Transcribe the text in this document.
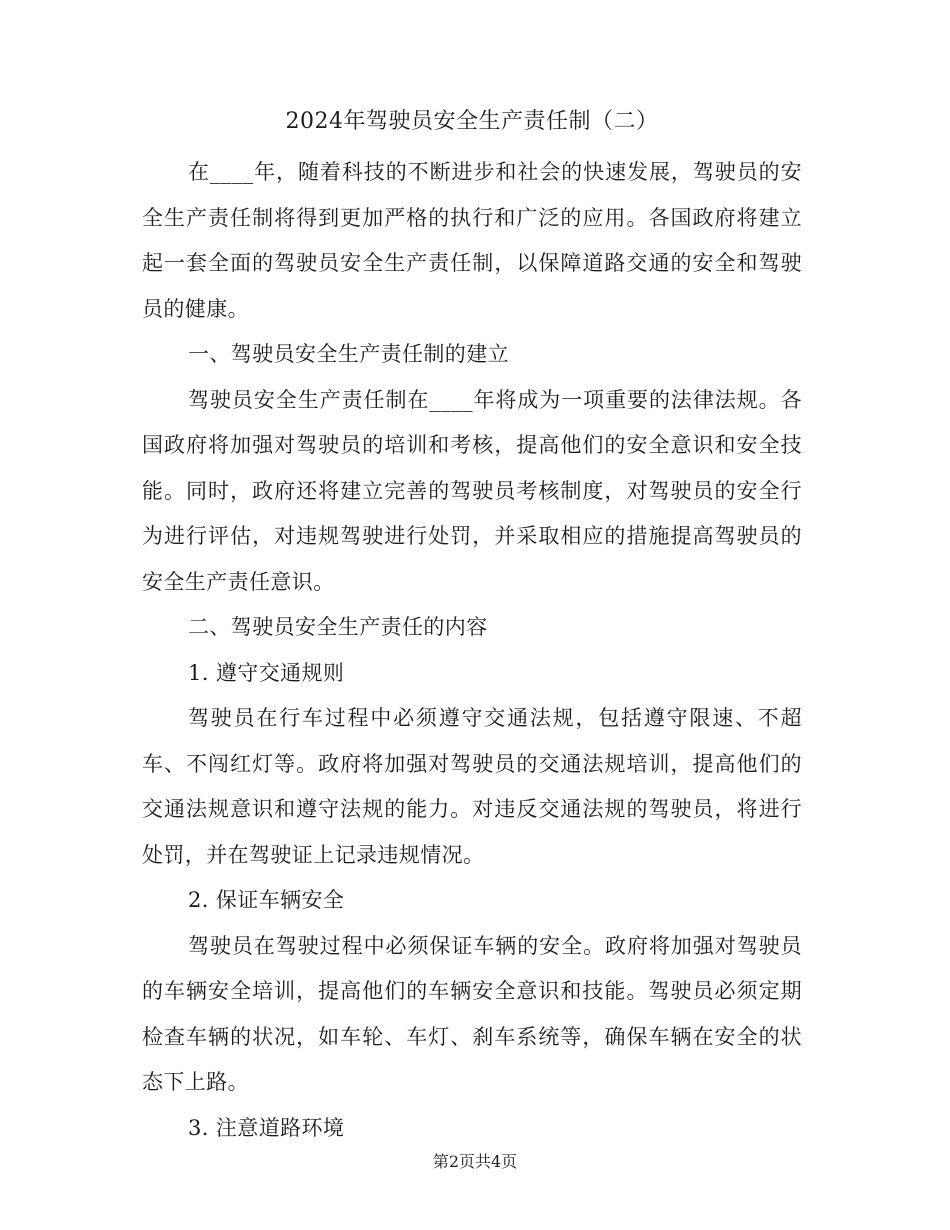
2024年驾驶员安全生产责任制（二）

在____年，随着科技的不断进步和社会的快速发展，驾驶员的安全生产责任制将得到更加严格的执行和广泛的应用。各国政府将建立起一套全面的驾驶员安全生产责任制，以保障道路交通的安全和驾驶员的健康。

一、驾驶员安全生产责任制的建立

驾驶员安全生产责任制在____年将成为一项重要的法律法规。各国政府将加强对驾驶员的培训和考核，提高他们的安全意识和安全技能。同时，政府还将建立完善的驾驶员考核制度，对驾驶员的安全行为进行评估，对违规驾驶进行处罚，并采取相应的措施提高驾驶员的安全生产责任意识。

二、驾驶员安全生产责任的内容

1. 遵守交通规则

驾驶员在行车过程中必须遵守交通法规，包括遵守限速、不超车、不闯红灯等。政府将加强对驾驶员的交通法规培训，提高他们的交通法规意识和遵守法规的能力。对违反交通法规的驾驶员，将进行处罚，并在驾驶证上记录违规情况。

2. 保证车辆安全

驾驶员在驾驶过程中必须保证车辆的安全。政府将加强对驾驶员的车辆安全培训，提高他们的车辆安全意识和技能。驾驶员必须定期检查车辆的状况，如车轮、车灯、刹车系统等，确保车辆在安全的状态下上路。

3. 注意道路环境

第2页共4页
